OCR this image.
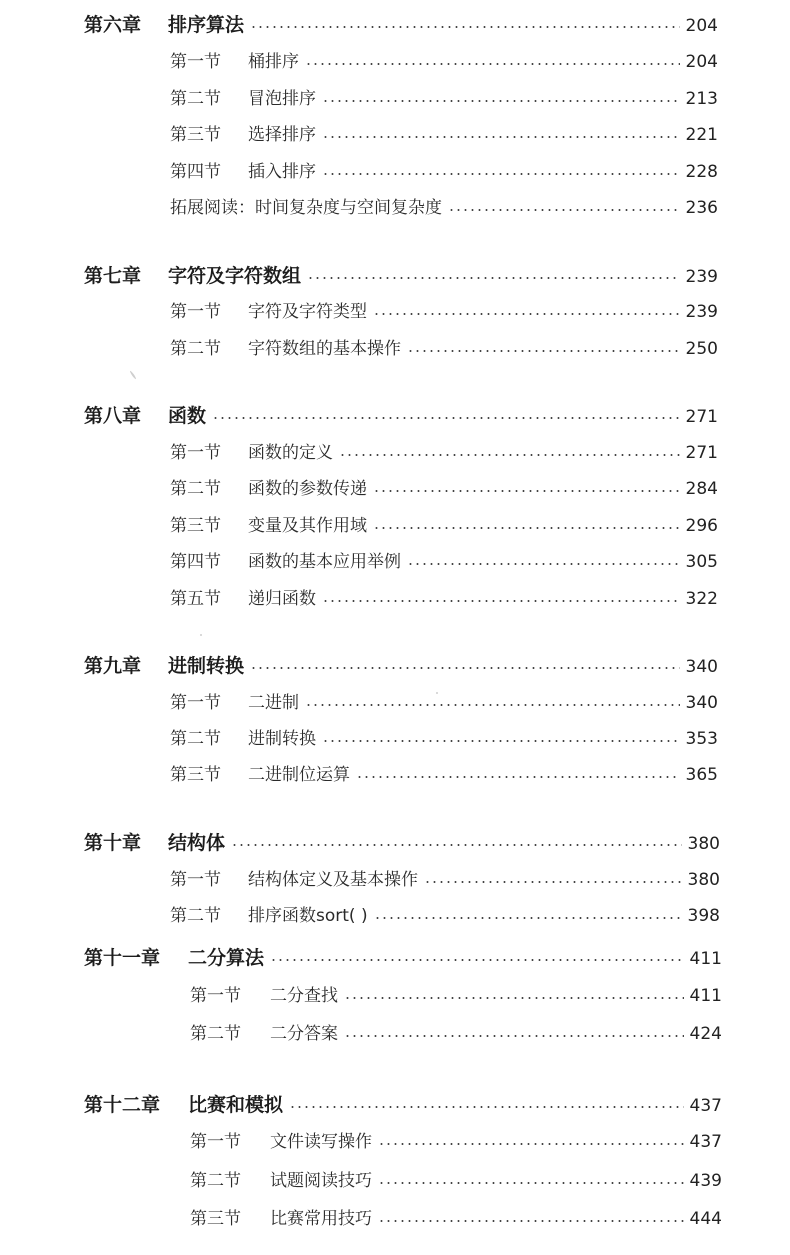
第六章	排序算法	204
第一节	桶排序	204
第二节	冒泡排序	213
第三节	选择排序	221
第四节	插入排序	228
拓展阅读：时间复杂度与空间复杂度	236
第七章	字符及字符数组	239
第一节	字符及字符类型	239
第二节	字符数组的基本操作	250
第八章	函数	271
第一节	函数的定义	271
第二节	函数的参数传递	284
第三节	变量及其作用域	296
第四节	函数的基本应用举例	305
第五节	递归函数	322
第九章	进制转换	340
第一节	二进制	340
第二节	进制转换	353
第三节	二进制位运算	365
第十章	结构体	380
第一节	结构体定义及基本操作	380
第二节	排序函数sort( )	398
第十一章	二分算法	411
第一节	二分查找	411
第二节	二分答案	424
第十二章	比赛和模拟	437
第一节	文件读写操作	437
第二节	试题阅读技巧	439
第三节	比赛常用技巧	444
